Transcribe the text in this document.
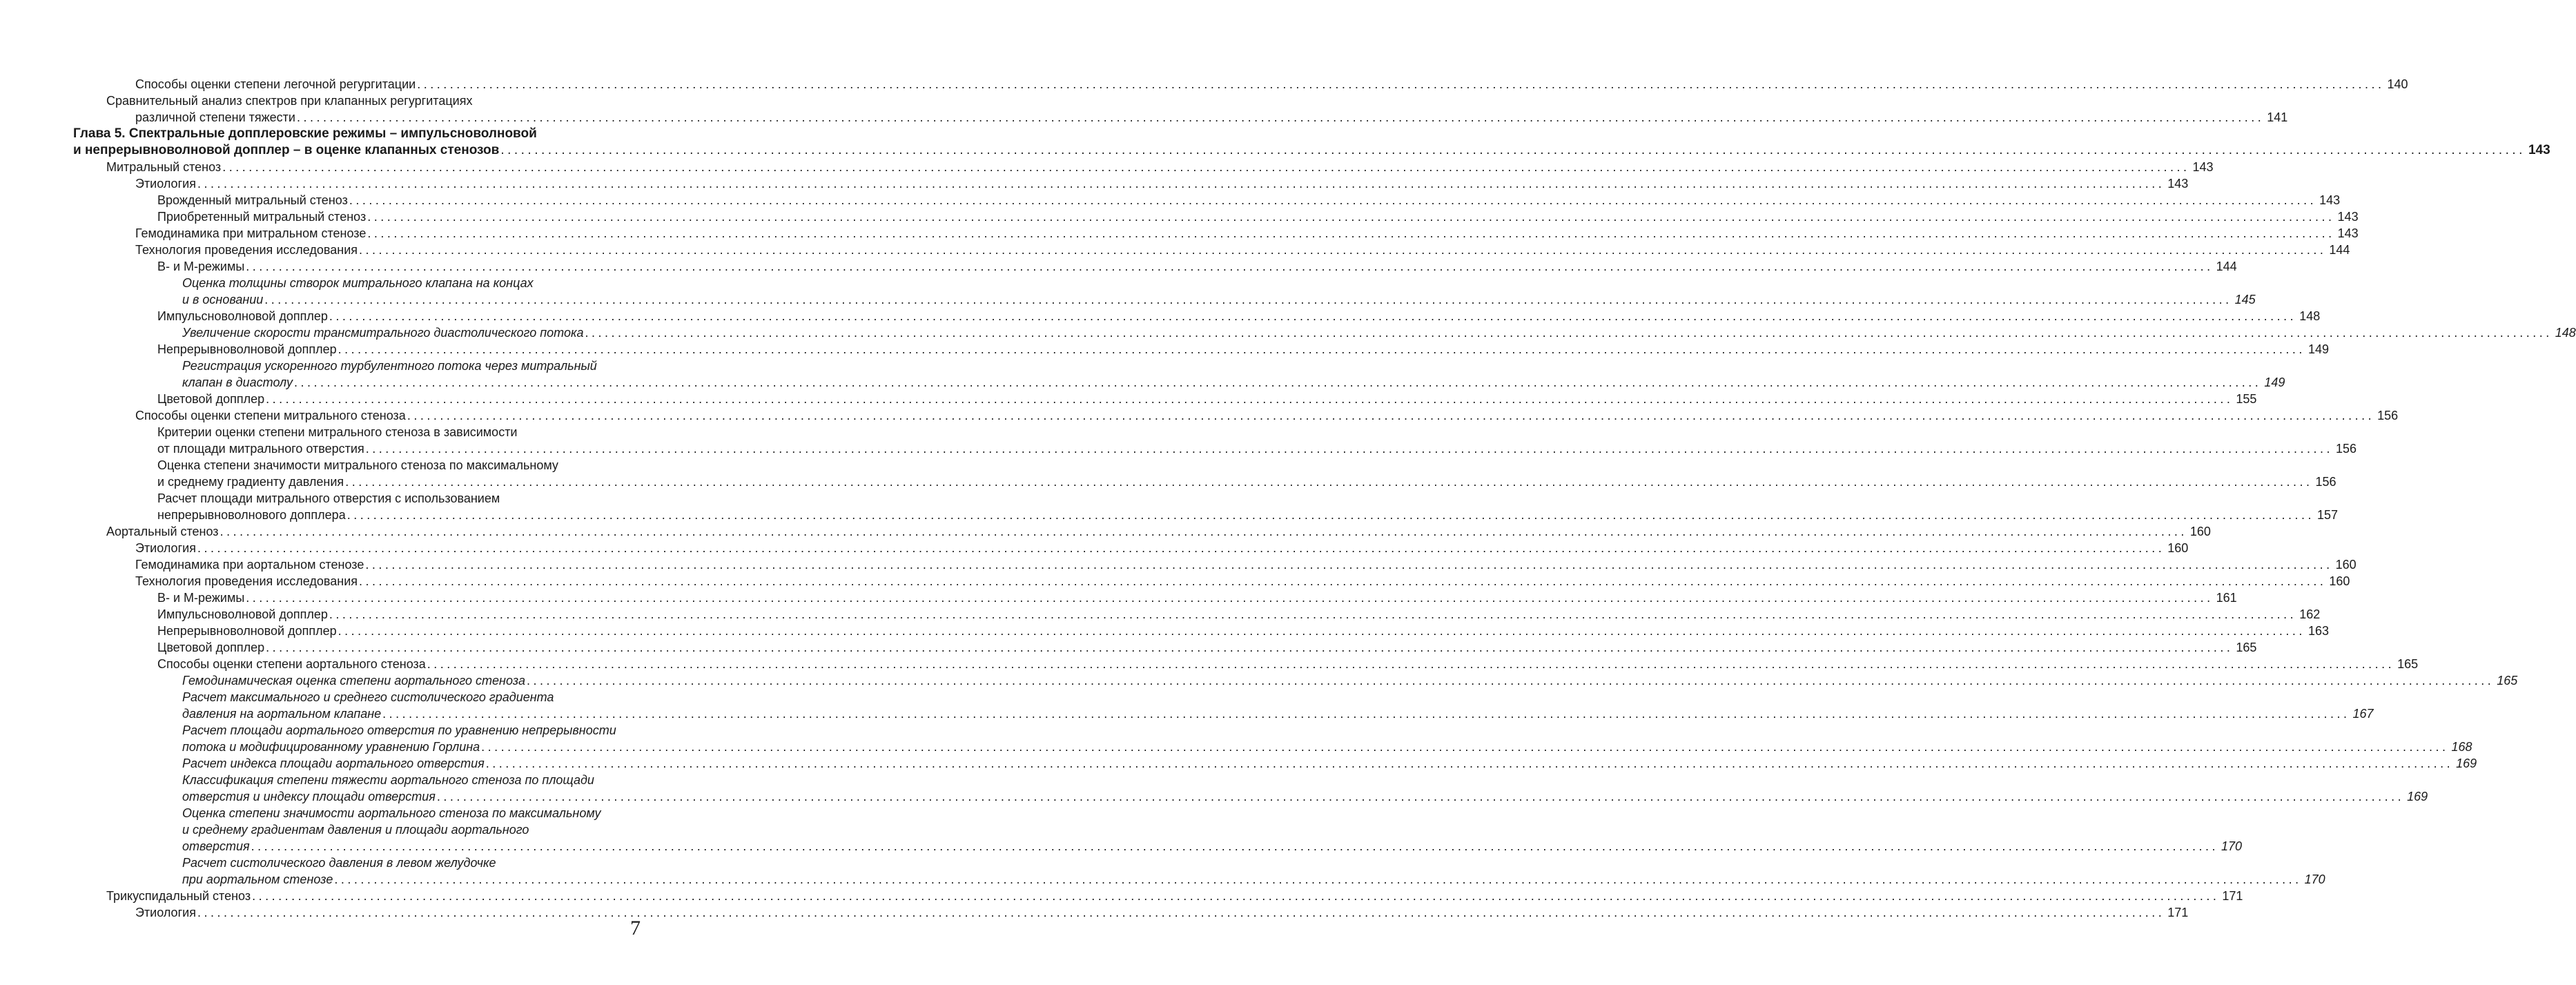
Способы оценки степени легочной регургитации ............................................................................................................................................................................................................................................................................................................ 140
Сравнительный анализ спектров при клапанных регургитациях
различной степени тяжести ............................................................................................................................................................................................................................................................................................................ 141
Глава 5. Спектральные допплеровские режимы – импульсноволновой
и непрерывноволновой допплер – в оценке клапанных стенозов ............................................................................................................................................................................................................................................................................................................ 143
Митральный стеноз ............................................................................................................................................................................................................................................................................................................ 143
Этиология ............................................................................................................................................................................................................................................................................................................ 143
Врожденный митральный стеноз ............................................................................................................................................................................................................................................................................................................ 143
Приобретенный митральный стеноз ............................................................................................................................................................................................................................................................................................................ 143
Гемодинамика при митральном стенозе ............................................................................................................................................................................................................................................................................................................ 143
Технология проведения исследования ............................................................................................................................................................................................................................................................................................................ 144
В- и М-режимы ............................................................................................................................................................................................................................................................................................................ 144
Оценка толщины створок митрального клапана на концах
и в основании ............................................................................................................................................................................................................................................................................................................ 145
Импульсноволновой допплер ............................................................................................................................................................................................................................................................................................................ 148
Увеличение скорости трансмитрального диастолического потока ............................................................................................................................................................................................................................................................................................................ 148
Непрерывноволновой допплер ............................................................................................................................................................................................................................................................................................................ 149
Регистрация ускоренного турбулентного потока через митральный
клапан в диастолу ............................................................................................................................................................................................................................................................................................................ 149
Цветовой допплер ............................................................................................................................................................................................................................................................................................................ 155
Способы оценки степени митрального стеноза ............................................................................................................................................................................................................................................................................................................ 156
Критерии оценки степени митрального стеноза в зависимости
от площади митрального отверстия ............................................................................................................................................................................................................................................................................................................ 156
Оценка степени значимости митрального стеноза по максимальному
и среднему градиенту давления ............................................................................................................................................................................................................................................................................................................ 156
Расчет площади митрального отверстия с использованием
непрерывноволнового допплера ............................................................................................................................................................................................................................................................................................................ 157
Аортальный стеноз ............................................................................................................................................................................................................................................................................................................ 160
Этиология ............................................................................................................................................................................................................................................................................................................ 160
Гемодинамика при аортальном стенозе ............................................................................................................................................................................................................................................................................................................ 160
Технология проведения исследования ............................................................................................................................................................................................................................................................................................................ 160
В- и М-режимы ............................................................................................................................................................................................................................................................................................................ 161
Импульсноволновой допплер ............................................................................................................................................................................................................................................................................................................ 162
Непрерывноволновой допплер ............................................................................................................................................................................................................................................................................................................ 163
Цветовой допплер ............................................................................................................................................................................................................................................................................................................ 165
Способы оценки степени аортального стеноза ............................................................................................................................................................................................................................................................................................................ 165
Гемодинамическая оценка степени аортального стеноза ............................................................................................................................................................................................................................................................................................................ 165
Расчет максимального и среднего систолического градиента
давления на аортальном клапане ............................................................................................................................................................................................................................................................................................................ 167
Расчет площади аортального отверстия по уравнению непрерывности
потока и модифицированному уравнению Горлина ............................................................................................................................................................................................................................................................................................................ 168
Расчет индекса площади аортального отверстия ............................................................................................................................................................................................................................................................................................................ 169
Классификация степени тяжести аортального стеноза по площади
отверстия и индексу площади отверстия ............................................................................................................................................................................................................................................................................................................ 169
Оценка степени значимости аортального стеноза по максимальному
и среднему градиентам давления и площади аортального
отверстия ............................................................................................................................................................................................................................................................................................................ 170
Расчет систолического давления в левом желудочке
при аортальном стенозе ............................................................................................................................................................................................................................................................................................................ 170
Трикуспидальный стеноз ............................................................................................................................................................................................................................................................................................................ 171
Этиология ............................................................................................................................................................................................................................................................................................................ 171
7
